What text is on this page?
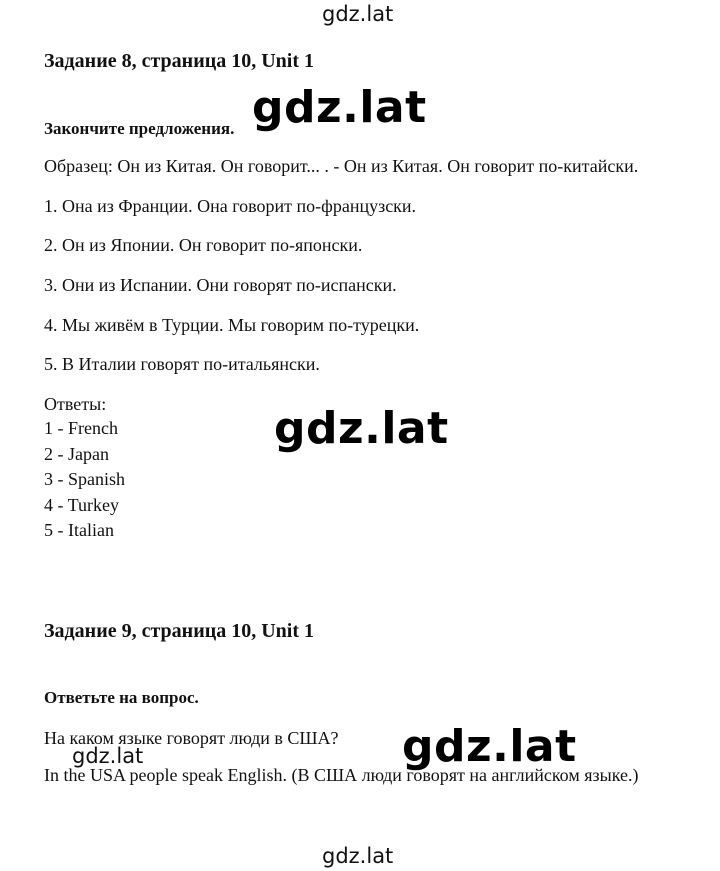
gdz.lat
Задание 8, страница 10, Unit 1
gdz.lat
Закончите предложения.
Образец: Он из Китая. Он говорит... . - Он из Китая. Он говорит по-китайски.
1. Она из Франции. Она говорит по-французски.
2. Он из Японии. Он говорит по-японски.
3. Они из Испании. Они говорят по-испански.
4. Мы живём в Турции. Мы говорим по-турецки.
5. В Италии говорят по-итальянски.
Ответы:	gdz.lat
1 - French
2 - Japan
3 - Spanish
4 - Turkey
5 - Italian
Задание 9, страница 10, Unit 1
Ответьте на вопрос.
На каком языке говорят люди в США? gdz.lat
gdz.lat
In the USA people speak English. (В США люди говорят на английском языке.)
gdz.lat
